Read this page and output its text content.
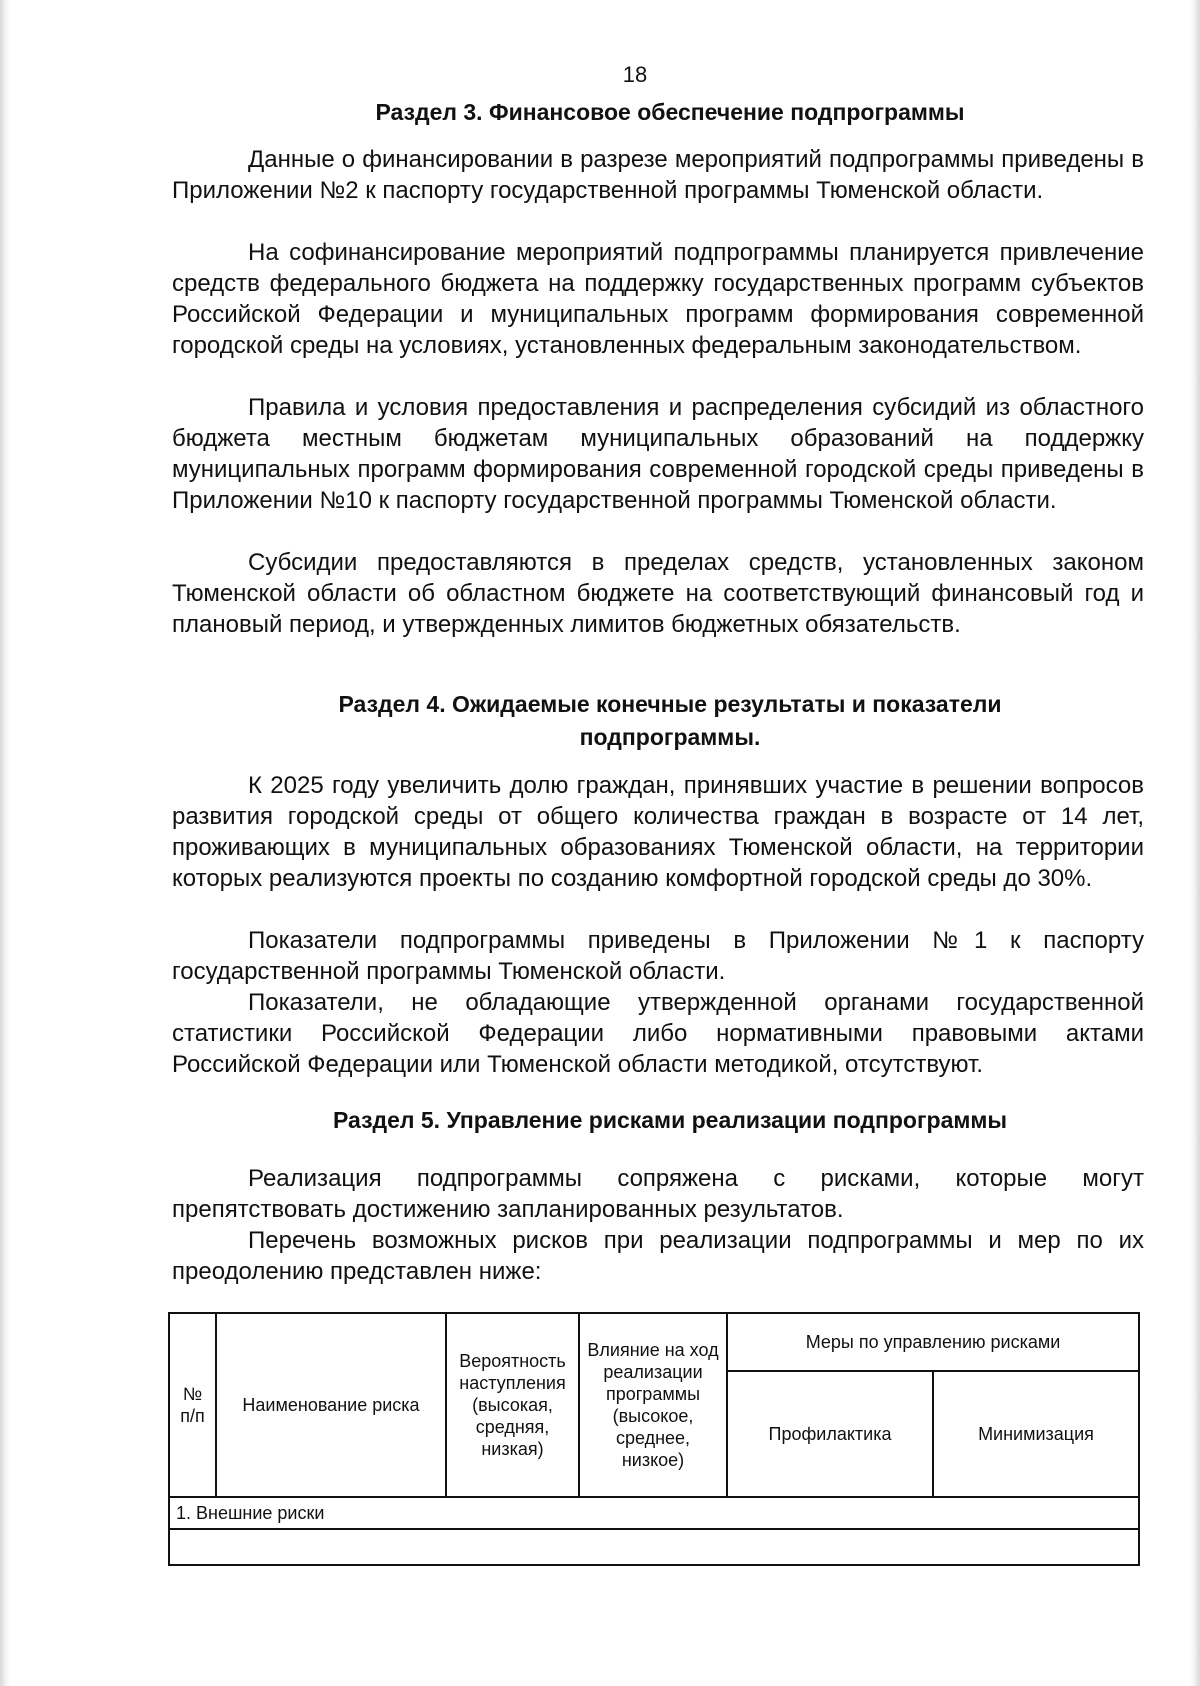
18
Раздел 3. Финансовое обеспечение подпрограммы

Данные о финансировании в разрезе мероприятий подпрограммы приведены в Приложении №2 к паспорту государственной программы Тюменской области.

На софинансирование мероприятий подпрограммы планируется привлечение средств федерального бюджета на поддержку государственных программ субъектов Российской Федерации и муниципальных программ формирования современной городской среды на условиях, установленных федеральным законодательством.

Правила и условия предоставления и распределения субсидий из областного бюджета местным бюджетам муниципальных образований на поддержку муниципальных программ формирования современной городской среды приведены в Приложении №10 к паспорту государственной программы Тюменской области.

Субсидии предоставляются в пределах средств, установленных законом Тюменской области об областном бюджете на соответствующий финансовый год и плановый период, и утвержденных лимитов бюджетных обязательств.

Раздел 4. Ожидаемые конечные результаты и показатели
подпрограммы.

К 2025 году увеличить долю граждан, принявших участие в решении вопросов развития городской среды от общего количества граждан в возрасте от 14 лет, проживающих в муниципальных образованиях Тюменской области, на территории которых реализуются проекты по созданию комфортной городской среды до 30%.

Показатели подпрограммы приведены в Приложении №1 к паспорту государственной программы Тюменской области.

Показатели, не обладающие утвержденной органами государственной статистики Российской Федерации либо нормативными правовыми актами Российской Федерации или Тюменской области методикой, отсутствуют.

Раздел 5. Управление рисками реализации подпрограммы

Реализация подпрограммы сопряжена с рисками, которые могут препятствовать достижению запланированных результатов.

Перечень возможных рисков при реализации подпрограммы и мер по их преодолению представлен ниже:

№ п/п	Наименование риска	Вероятность наступления (высокая, средняя, низкая)	Влияние на ход реализации программы (высокое, среднее, низкое)	Меры по управлению рисками	
				Профилактика	Минимизация
1. Внешние риски					
